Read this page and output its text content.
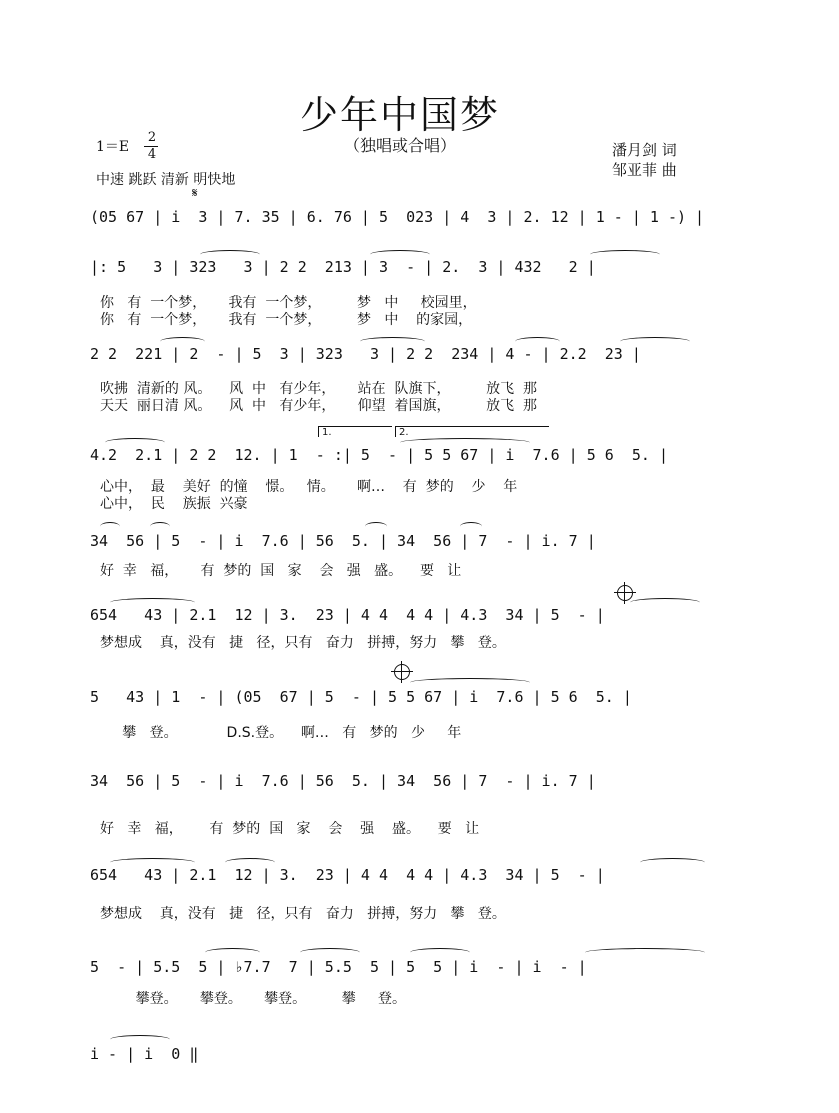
少年中国梦
（独唱或合唱）
1＝E
2
4
中速 跳跃 清新 明快地
潘月剑 词
邹亚菲 曲
𝄋
(05 67 | i  3 | 7. 35 | 6. 76 | 5  023 | 4  3 | 2. 12 | 1 - | 1 -) |
|: 5   3 | 323   3 | 2 2  213 | 3  - | 2.  3 | 432   2 |
你   有  一个梦，     我有  一个梦，        梦   中     校园里，
你   有  一个梦，     我有  一个梦，        梦   中    的家园，
2 2  221 | 2  - | 5  3 | 323   3 | 2 2  234 | 4 - | 2.2  23 |
吹拂  清新的 风。    风  中   有少年，     站在  队旗下，        放飞  那
天天  丽日清 风。    风  中   有少年，     仰望  着国旗，        放飞  那
1.	2.
4.2  2.1 | 2 2  12. | 1  - :| 5  - | 5 5 67 | i  7.6 | 5 6  5. |
心中，  最    美好  的憧    憬。   情。     啊…    有  梦的    少    年
心中，  民    族振  兴豪
34  56 | 5  - | i  7.6 | 56  5. | 34  56 | 7  - | i. 7 |
好  幸   福，     有  梦的  国   家    会   强   盛。    要   让
654   43 | 2.1  12 | 3.  23 | 4 4  4 4 | 4.3  34 | 5  - |
梦想成    真，没有   捷   径，只有   奋力   拼搏，努力   攀   登。
5   43 | 1  - | (05  67 | 5  - | 5 5 67 | i  7.6 | 5 6  5. |
攀   登。           D.S.登。    啊…   有   梦的   少     年
34  56 | 5  - | i  7.6 | 56  5. | 34  56 | 7  - | i. 7 |
好   幸   福，      有  梦的  国   家    会    强    盛。    要   让
654   43 | 2.1  12 | 3.  23 | 4 4  4 4 | 4.3  34 | 5  - |
梦想成    真，没有   捷   径，只有   奋力   拼搏，努力   攀   登。
5  - | 5.5  5 | ♭7.7  7 | 5.5  5 | 5  5 | i  - | i  - |
攀登。     攀登。     攀登。        攀     登。
i - | i  0 ‖
